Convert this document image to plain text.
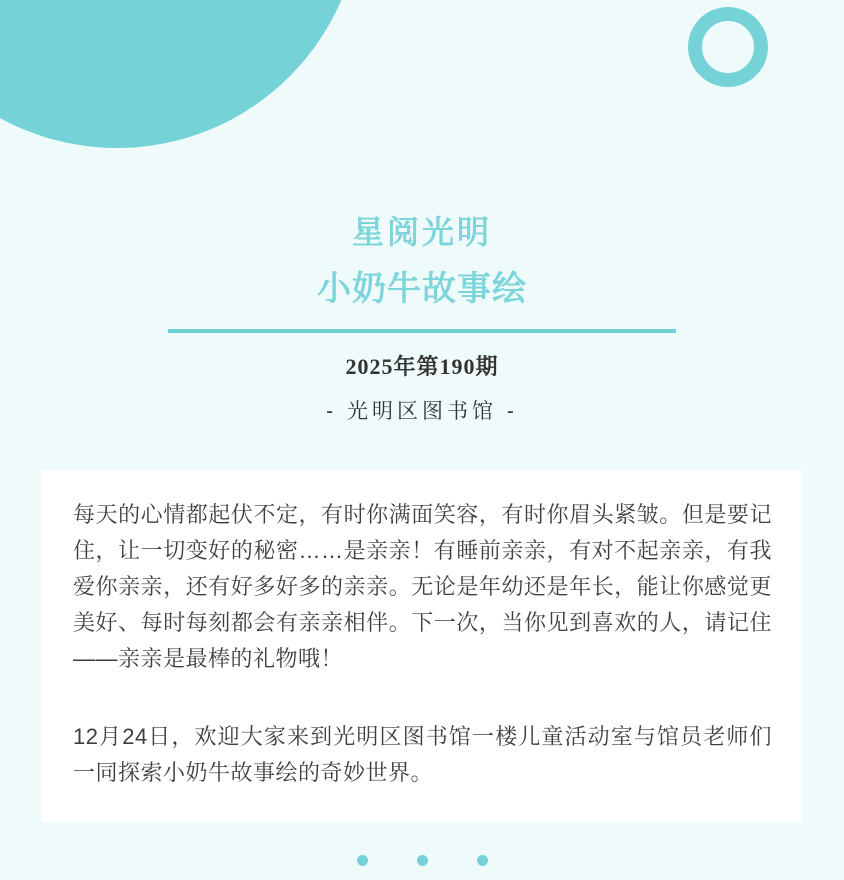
星阅光明
小奶牛故事绘
2025年第190期
- 光明区图书馆 -

每天的心情都起伏不定，有时你满面笑容，有时你眉头紧皱。但是要记住，让一切变好的秘密……是亲亲！有睡前亲亲，有对不起亲亲，有我爱你亲亲，还有好多好多的亲亲。无论是年幼还是年长，能让你感觉更美好、每时每刻都会有亲亲相伴。下一次，当你见到喜欢的人，请记住——亲亲是最棒的礼物哦！

12月24日，欢迎大家来到光明区图书馆一楼儿童活动室与馆员老师们一同探索小奶牛故事绘的奇妙世界。
